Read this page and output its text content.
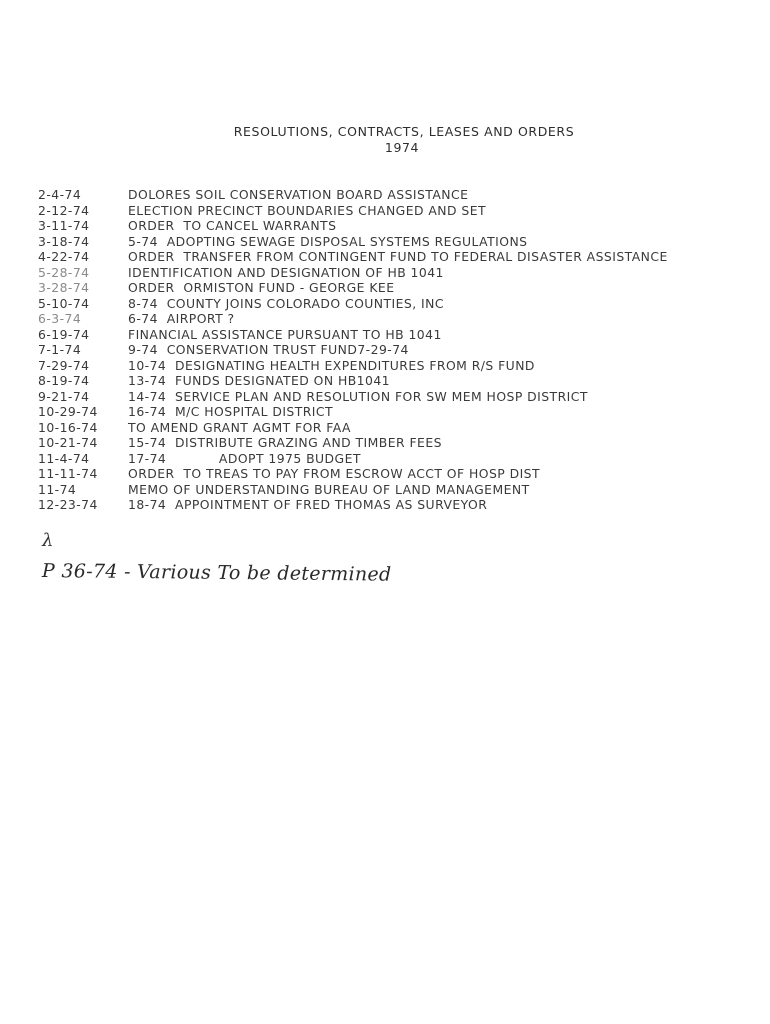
RESOLUTIONS, CONTRACTS, LEASES AND ORDERS
1974
2-4-74	DOLORES SOIL CONSERVATION BOARD ASSISTANCE
2-12-74	ELECTION PRECINCT BOUNDARIES CHANGED AND SET
3-11-74	ORDER  TO CANCEL WARRANTS
3-18-74	5-74  ADOPTING SEWAGE DISPOSAL SYSTEMS REGULATIONS
4-22-74	ORDER  TRANSFER FROM CONTINGENT FUND TO FEDERAL DISASTER ASSISTANCE
5-28-74	IDENTIFICATION AND DESIGNATION OF HB 1041
3-28-74	ORDER  ORMISTON FUND - GEORGE KEE
5-10-74	8-74  COUNTY JOINS COLORADO COUNTIES, INC
6-3-74	6-74  AIRPORT ?
6-19-74	FINANCIAL ASSISTANCE PURSUANT TO HB 1041
7-1-74	9-74  CONSERVATION TRUST FUND7-29-74
7-29-74	10-74  DESIGNATING HEALTH EXPENDITURES FROM R/S FUND
8-19-74	13-74  FUNDS DESIGNATED ON HB1041
9-21-74	14-74  SERVICE PLAN AND RESOLUTION FOR SW MEM HOSP DISTRICT
10-29-74 16-74  M/C HOSPITAL DISTRICT
10-16-74 TO AMEND GRANT AGMT FOR FAA
10-21-74 15-74  DISTRIBUTE GRAZING AND TIMBER FEES
11-4-74	17-74            ADOPT 1975 BUDGET
11-11-74 ORDER  TO TREAS TO PAY FROM ESCROW ACCT OF HOSP DIST
11-74	MEMO OF UNDERSTANDING BUREAU OF LAND MANAGEMENT
12-23-74 18-74  APPOINTMENT OF FRED THOMAS AS SURVEYOR
λ
P 36-74 - Various To be determined
